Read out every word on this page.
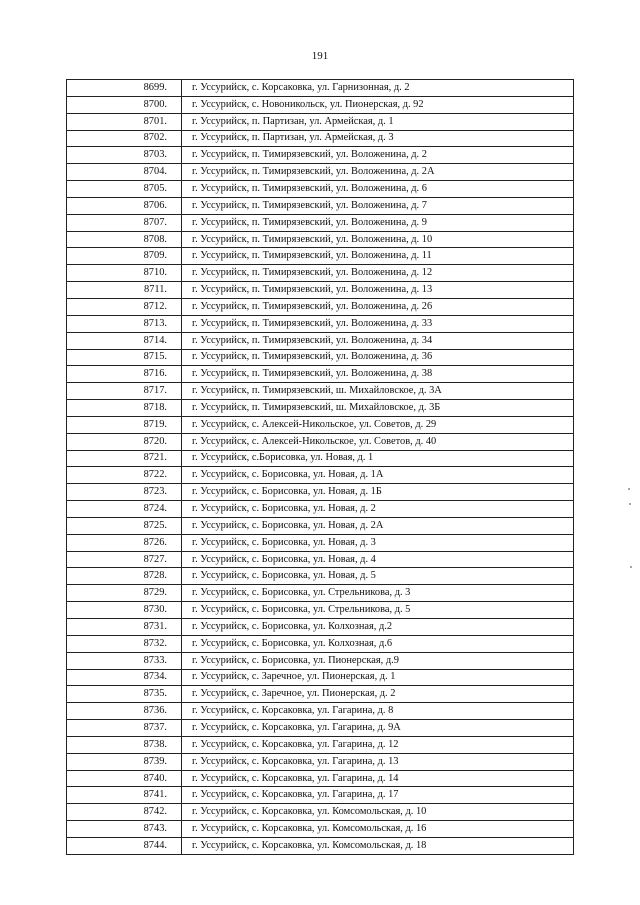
191
8699.	г. Уссурийск, с. Корсаковка, ул. Гарнизонная, д. 2
8700.	г. Уссурийск, с. Новоникольск, ул. Пионерская, д. 92
8701.	г. Уссурийск, п. Партизан, ул. Армейская, д. 1
8702.	г. Уссурийск, п. Партизан, ул. Армейская, д. 3
8703.	г. Уссурийск, п. Тимирязевский, ул. Воложенина, д. 2
8704.	г. Уссурийск, п. Тимирязевский, ул. Воложенина, д. 2А
8705.	г. Уссурийск, п. Тимирязевский, ул. Воложенина, д. 6
8706.	г. Уссурийск, п. Тимирязевский, ул. Воложенина, д. 7
8707.	г. Уссурийск, п. Тимирязевский, ул. Воложенина, д. 9
8708.	г. Уссурийск, п. Тимирязевский, ул. Воложенина, д. 10
8709.	г. Уссурийск, п. Тимирязевский, ул. Воложенина, д. 11
8710.	г. Уссурийск, п. Тимирязевский, ул. Воложенина, д. 12
8711.	г. Уссурийск, п. Тимирязевский, ул. Воложенина, д. 13
8712.	г. Уссурийск, п. Тимирязевский, ул. Воложенина, д. 26
8713.	г. Уссурийск, п. Тимирязевский, ул. Воложенина, д. 33
8714.	г. Уссурийск, п. Тимирязевский, ул. Воложенина, д. 34
8715.	г. Уссурийск, п. Тимирязевский, ул. Воложенина, д. 36
8716.	г. Уссурийск, п. Тимирязевский, ул. Воложенина, д. 38
8717.	г. Уссурийск, п. Тимирязевский, ш. Михайловское, д. 3А
8718.	г. Уссурийск, п. Тимирязевский, ш. Михайловское, д. 3Б
8719.	г. Уссурийск, с. Алексей-Никольское, ул. Советов, д. 29
8720.	г. Уссурийск, с. Алексей-Никольское, ул. Советов, д. 40
8721.	г. Уссурийск, с.Борисовка, ул. Новая, д. 1
8722.	г. Уссурийск, с. Борисовка, ул. Новая, д. 1А
8723.	г. Уссурийск, с. Борисовка, ул. Новая, д. 1Б
8724.	г. Уссурийск, с. Борисовка, ул. Новая, д. 2
8725.	г. Уссурийск, с. Борисовка, ул. Новая, д. 2А
8726.	г. Уссурийск, с. Борисовка, ул. Новая, д. 3
8727.	г. Уссурийск, с. Борисовка, ул. Новая, д. 4
8728.	г. Уссурийск, с. Борисовка, ул. Новая, д. 5
8729.	г. Уссурийск, с. Борисовка, ул. Стрельникова, д. 3
8730.	г. Уссурийск, с. Борисовка, ул. Стрельникова, д. 5
8731.	г. Уссурийск, с. Борисовка, ул. Колхозная, д.2
8732.	г. Уссурийск, с. Борисовка, ул. Колхозная, д.6
8733.	г. Уссурийск, с. Борисовка, ул. Пионерская, д.9
8734.	г. Уссурийск, с. Заречное, ул. Пионерская, д. 1
8735.	г. Уссурийск, с. Заречное, ул. Пионерская, д. 2
8736.	г. Уссурийск, с. Корсаковка, ул. Гагарина, д. 8
8737.	г. Уссурийск, с. Корсаковка, ул. Гагарина, д. 9А
8738.	г. Уссурийск, с. Корсаковка, ул. Гагарина, д. 12
8739.	г. Уссурийск, с. Корсаковка, ул. Гагарина, д. 13
8740.	г. Уссурийск, с. Корсаковка, ул. Гагарина, д. 14
8741.	г. Уссурийск, с. Корсаковка, ул. Гагарина, д. 17
8742.	г. Уссурийск, с. Корсаковка, ул. Комсомольская, д. 10
8743.	г. Уссурийск, с. Корсаковка, ул. Комсомольская, д. 16
8744.	г. Уссурийск, с. Корсаковка, ул. Комсомольская, д. 18
